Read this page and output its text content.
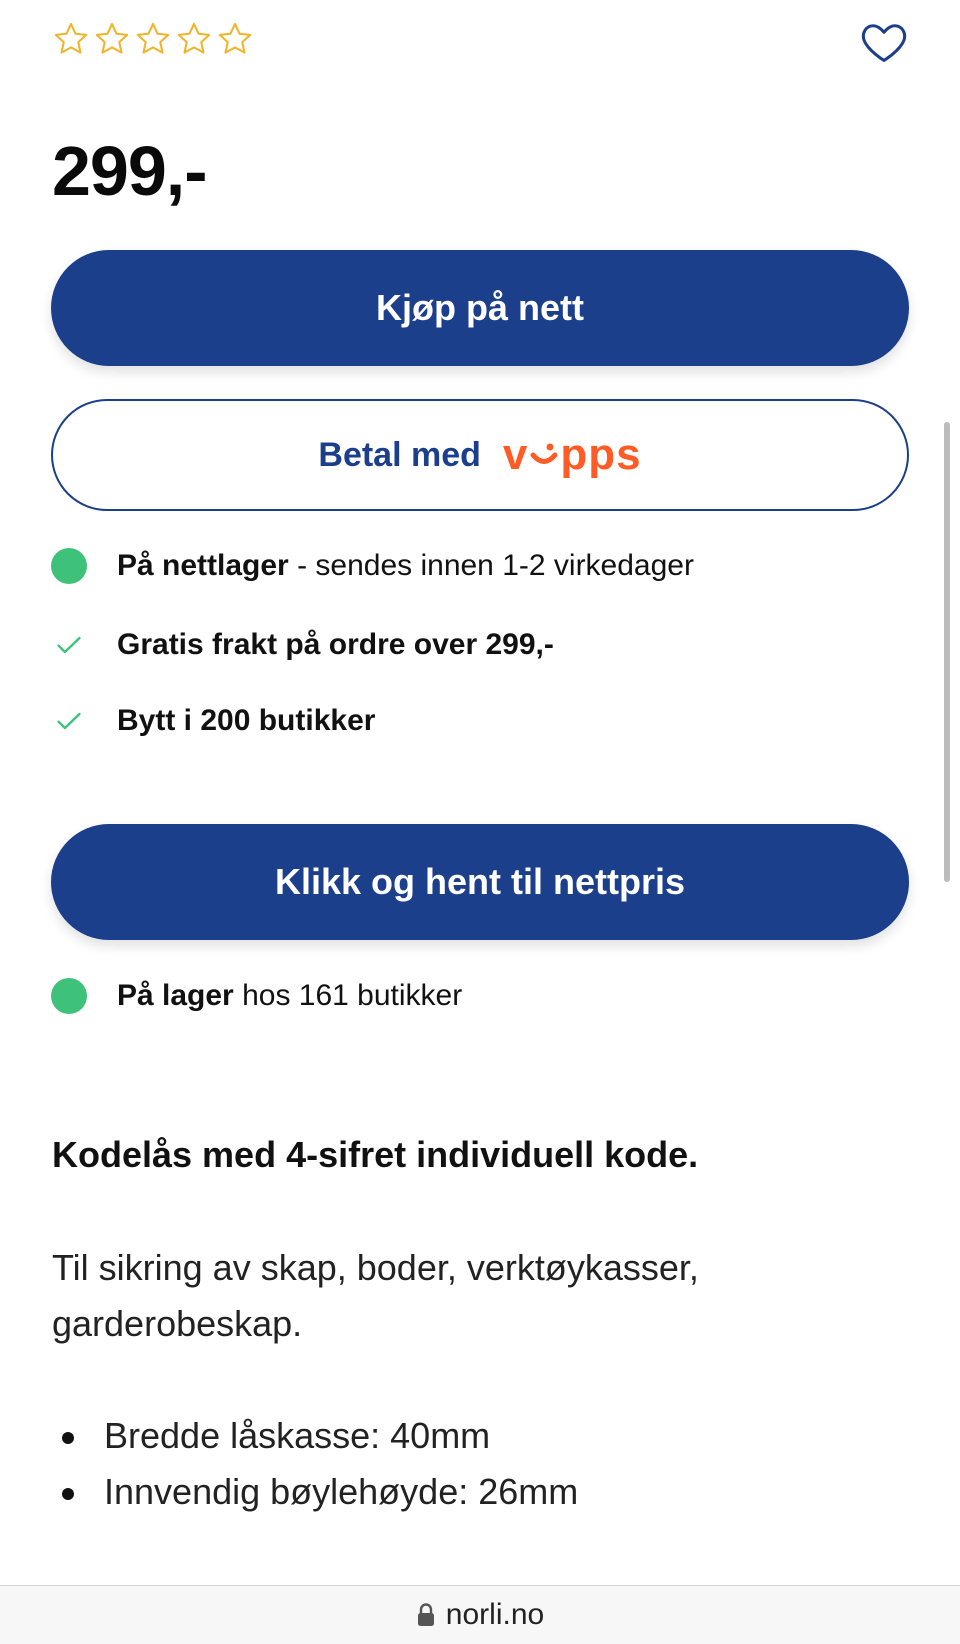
299,-
Kjøp på nett
Betal med v pps
På nettlager - sendes innen 1-2 virkedager
Gratis frakt på ordre over 299,-
Bytt i 200 butikker
Klikk og hent til nettpris
På lager hos 161 butikker
Kodelås med 4-sifret individuell kode.
Til sikring av skap, boder, verktøykasser, garderobeskap.
Bredde låskasse: 40mm
Innvendig bøylehøyde: 26mm
norli.no
